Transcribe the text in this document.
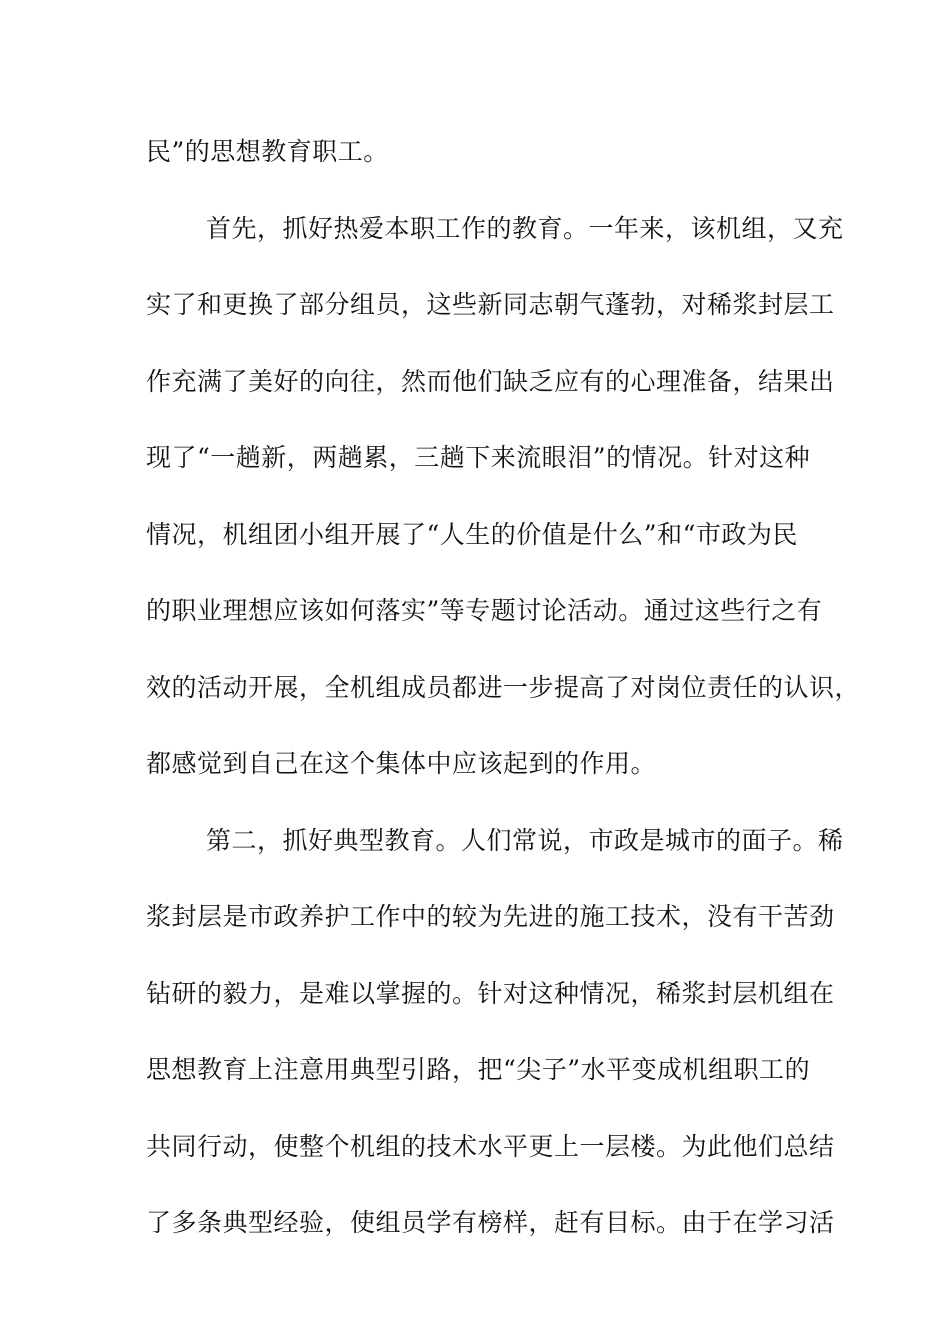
民”的思想教育职工。
首先，抓好热爱本职工作的教育。一年来，该机组，又充
实了和更换了部分组员，这些新同志朝气蓬勃，对稀浆封层工
作充满了美好的向往，然而他们缺乏应有的心理准备，结果出
现了“一趟新，两趟累，三趟下来流眼泪”的情况。针对这种
情况，机组团小组开展了“人生的价值是什么”和“市政为民
的职业理想应该如何落实”等专题讨论活动。通过这些行之有
效的活动开展，全机组成员都进一步提高了对岗位责任的认识，
都感觉到自己在这个集体中应该起到的作用。
第二，抓好典型教育。人们常说，市政是城市的面子。稀
浆封层是市政养护工作中的较为先进的施工技术，没有干苦劲
钻研的毅力，是难以掌握的。针对这种情况，稀浆封层机组在
思想教育上注意用典型引路，把“尖子”水平变成机组职工的
共同行动，使整个机组的技术水平更上一层楼。为此他们总结
了多条典型经验，使组员学有榜样，赶有目标。由于在学习活
